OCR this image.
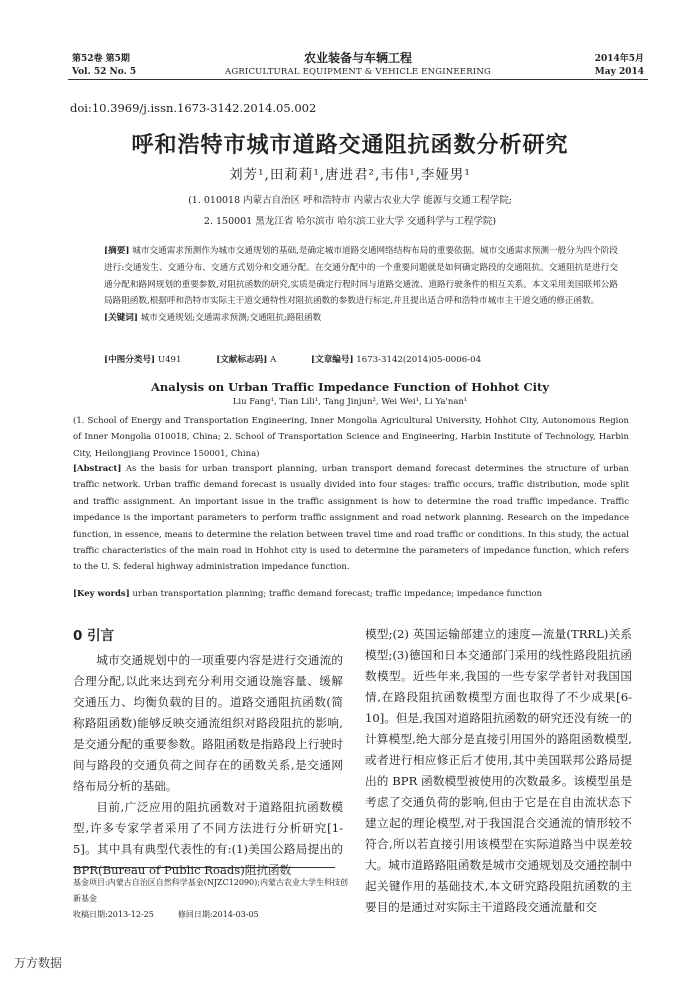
第52卷 第5期
Vol. 52 No. 5
农业装备与车辆工程
AGRICULTURAL EQUIPMENT & VEHICLE ENGINEERING
2014年5月
May 2014
doi:10.3969/j.issn.1673-3142.2014.05.002
呼和浩特市城市道路交通阻抗函数分析研究
刘芳¹,田莉莉¹,唐进君²,韦伟¹,李娅男¹
(1. 010018 内蒙古自治区 呼和浩特市 内蒙古农业大学 能源与交通工程学院;
2. 150001 黑龙江省 哈尔滨市 哈尔滨工业大学 交通科学与工程学院)
[摘要] 城市交通需求预测作为城市交通规划的基础,是确定城市道路交通网络结构布局的重要依据。城市交通需求预测一般分为四个阶段进行:交通发生、交通分布、交通方式划分和交通分配。在交通分配中的一个重要问题就是如何确定路段的交通阻抗。交通阻抗是进行交通分配和路网规划的重要参数,对阻抗函数的研究,实质是确定行程时间与道路交通流、道路行驶条件的相互关系。本文采用美国联邦公路局路阻函数,根据呼和浩特市实际主干道交通特性对阻抗函数的参数进行标定,并且提出适合呼和浩特市城市主干道交通的修正函数。
[关键词] 城市交通规划;交通需求预测;交通阻抗;路阻函数
[中图分类号] U491	[文献标志码] A	[文章编号] 1673-3142(2014)05-0006-04
Analysis on Urban Traffic Impedance Function of Hohhot City
Liu Fang¹, Tian Lili¹, Tang Jinjun², Wei Wei¹, Li Ya'nan¹
(1. School of Energy and Transportation Engineering, Inner Mongolia Agricultural University, Hohhot City, Autonomous Region of Inner Mongolia 010018, China; 2. School of Transportation Science and Engineering, Harbin Institute of Technology, Harbin City, Heilongjiang Province 150001, China)
[Abstract] As the basis for urban transport planning, urban transport demand forecast determines the structure of urban traffic network. Urban traffic demand forecast is usually divided into four stages: traffic occurs, traffic distribution, mode split and traffic assignment. An important issue in the traffic assignment is how to determine the road traffic impedance. Traffic impedance is the important parameters to perform traffic assignment and road network planning. Research on the impedance function, in essence, means to determine the relation between travel time and road traffic or conditions. In this study, the actual traffic characteristics of the main road in Hohhot city is used to determine the parameters of impedance function, which refers to the U. S. federal highway administration impedance function.
[Key words] urban transportation planning; traffic demand forecast; traffic impedance; impedance function
0 引言

城市交通规划中的一项重要内容是进行交通流的合理分配,以此来达到充分利用交通设施容量、缓解交通压力、均衡负载的目的。道路交通阻抗函数(简称路阻函数)能够反映交通流组织对路段阻抗的影响,是交通分配的重要参数。路阻函数是指路段上行驶时间与路段的交通负荷之间存在的函数关系,是交通网络布局分析的基础。

目前,广泛应用的阻抗函数对于道路阻抗函数模型,许多专家学者采用了不同方法进行分析研究[1-5]。其中具有典型代表性的有:(1)美国公路局提出的 BPR(Bureau of Public Roads)阻抗函数

模型;(2) 英国运输部建立的速度—流量(TRRL)关系模型;(3)德国和日本交通部门采用的线性路段阻抗函数模型。近些年来,我国的一些专家学者针对我国国情,在路段阻抗函数模型方面也取得了不少成果[6-10]。但是,我国对道路阻抗函数的研究还没有统一的计算模型,绝大部分是直接引用国外的路阻函数模型,或者进行相应修正后才使用,其中美国联邦公路局提出的 BPR 函数模型被使用的次数最多。该模型虽是考虑了交通负荷的影响,但由于它是在自由流状态下建立起的理论模型,对于我国混合交通流的情形较不符合,所以若直接引用该模型在实际道路当中误差较大。城市道路路阻函数是城市交通规划及交通控制中起关键作用的基础技术,本文研究路段阻抗函数的主要目的是通过对实际主干道路段交通流量和交

基金项目:内蒙古自治区自然科学基金(NJZC12090);内蒙古农业大学生科技创新基金

收稿日期:2013-12-25	修回日期:2014-03-05

万方数据
